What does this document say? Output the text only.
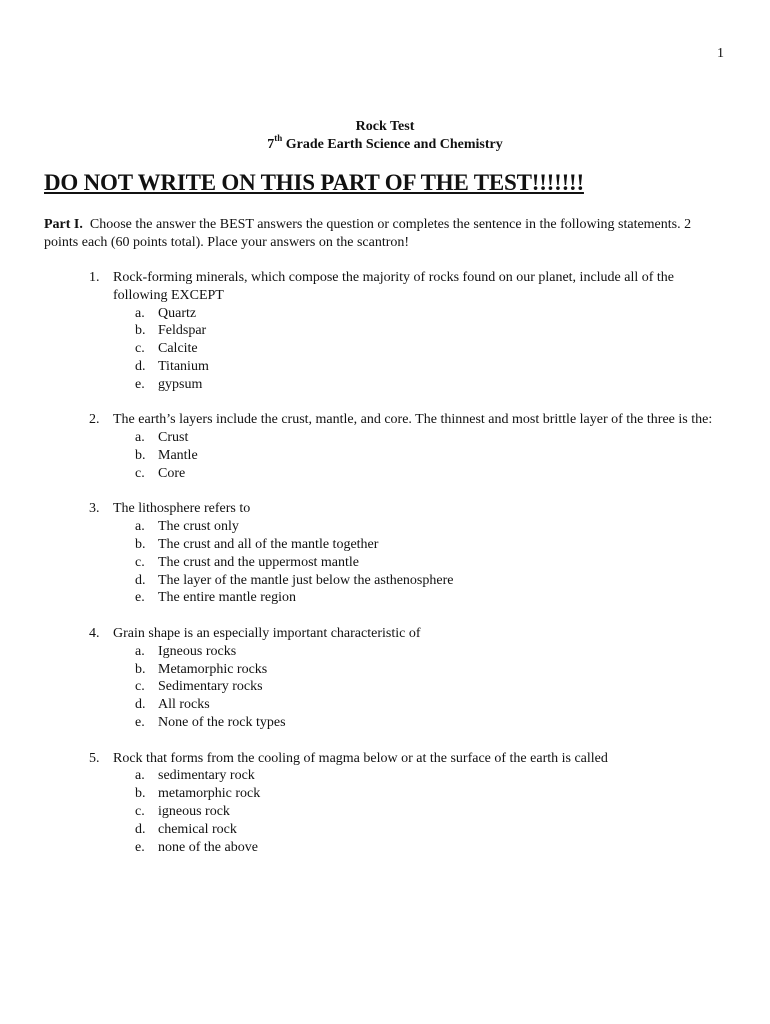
1
Rock Test
7th Grade Earth Science and Chemistry
DO NOT WRITE ON THIS PART OF THE TEST!!!!!!!
Part I.  Choose the answer the BEST answers the question or completes the sentence in the following statements. 2 points each (60 points total). Place your answers on the scantron!
1. Rock-forming minerals, which compose the majority of rocks found on our planet, include all of the following EXCEPT
a. Quartz
b. Feldspar
c. Calcite
d. Titanium
e. gypsum
2. The earth’s layers include the crust, mantle, and core. The thinnest and most brittle layer of the three is the:
a. Crust
b. Mantle
c. Core
3. The lithosphere refers to
a. The crust only
b. The crust and all of the mantle together
c. The crust and the uppermost mantle
d. The layer of the mantle just below the asthenosphere
e. The entire mantle region
4. Grain shape is an especially important characteristic of
a. Igneous rocks
b. Metamorphic rocks
c. Sedimentary rocks
d. All rocks
e. None of the rock types
5. Rock that forms from the cooling of magma below or at the surface of the earth is called
a. sedimentary rock
b. metamorphic rock
c. igneous rock
d. chemical rock
e. none of the above
